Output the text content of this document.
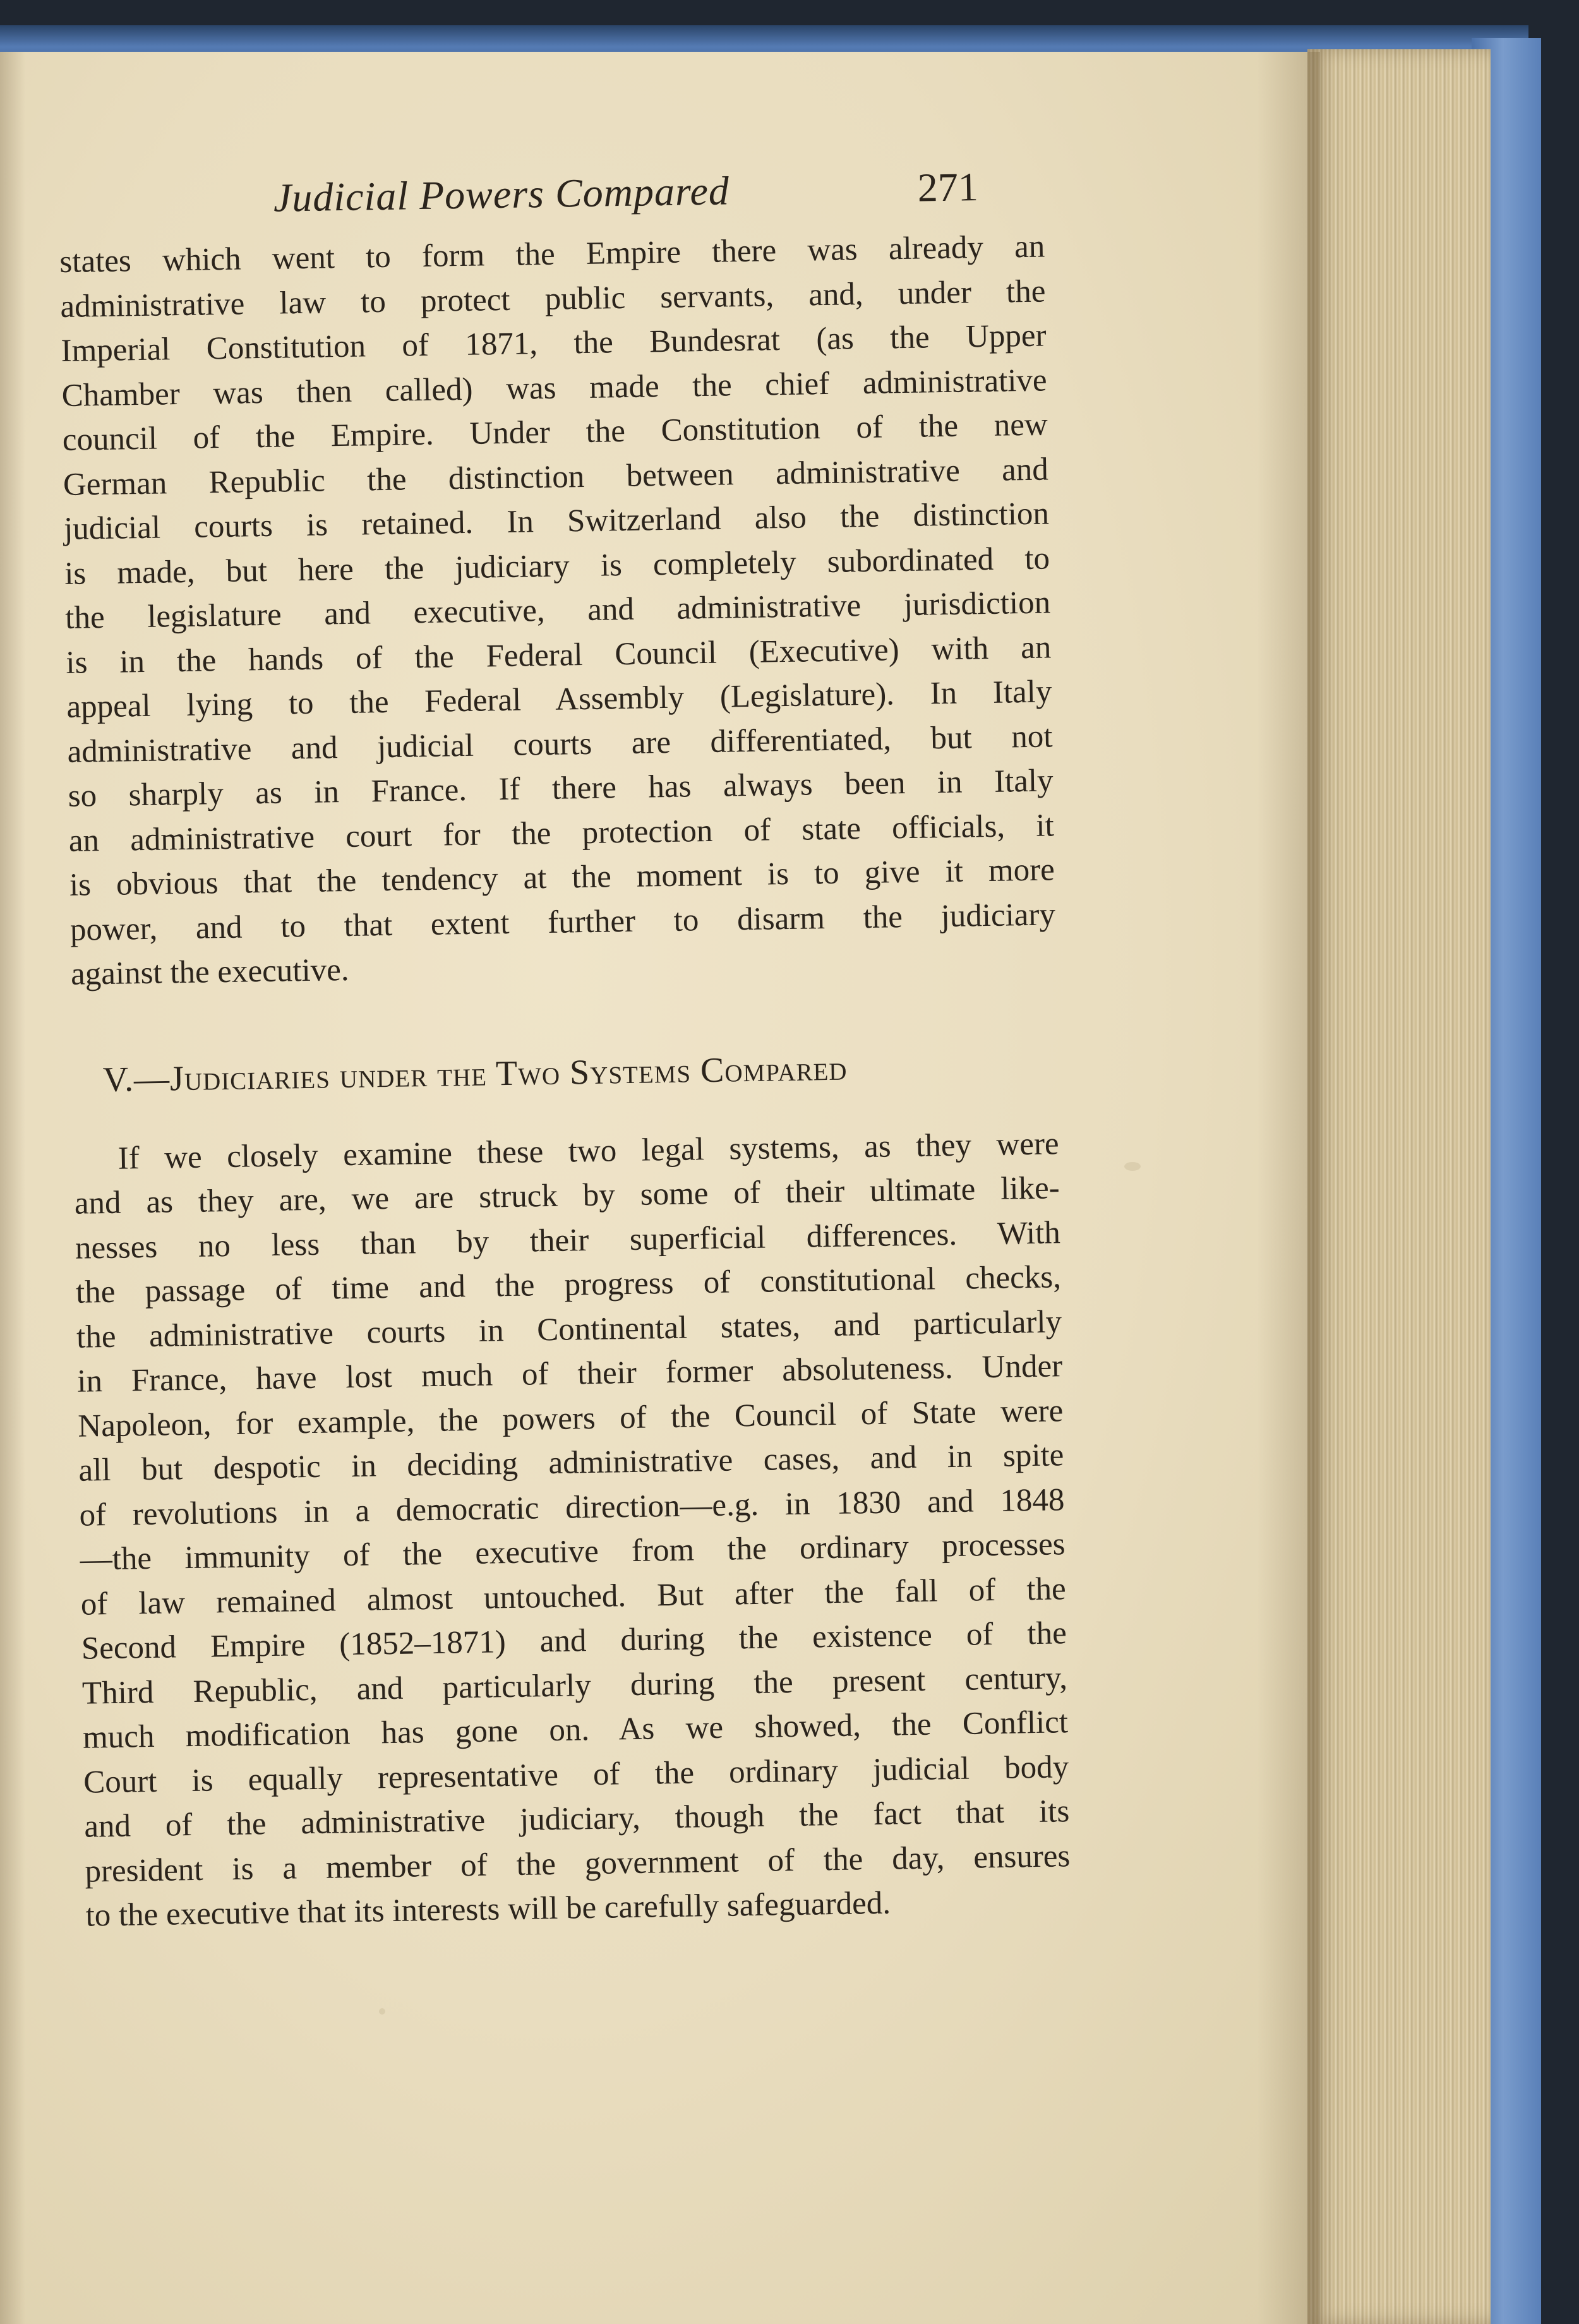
Judicial Powers Compared	271

states which went to form the Empire there was already an
administrative law to protect public servants, and, under the
Imperial Constitution of 1871, the Bundesrat (as the Upper
Chamber was then called) was made the chief administrative
council of the Empire. Under the Constitution of the new
German Republic the distinction between administrative and
judicial courts is retained. In Switzerland also the distinction
is made, but here the judiciary is completely subordinated to
the legislature and executive, and administrative jurisdiction
is in the hands of the Federal Council (Executive) with an
appeal lying to the Federal Assembly (Legislature). In Italy
administrative and judicial courts are differentiated, but not
so sharply as in France. If there has always been in Italy
an administrative court for the protection of state officials, it
is obvious that the tendency at the moment is to give it more
power, and to that extent further to disarm the judiciary
against the executive.

V.—Judiciaries under the Two Systems Compared

If we closely examine these two legal systems, as they were
and as they are, we are struck by some of their ultimate like-
nesses no less than by their superficial differences. With
the passage of time and the progress of constitutional checks,
the administrative courts in Continental states, and particularly
in France, have lost much of their former absoluteness. Under
Napoleon, for example, the powers of the Council of State were
all but despotic in deciding administrative cases, and in spite
of revolutions in a democratic direction—e.g. in 1830 and 1848
—the immunity of the executive from the ordinary processes
of law remained almost untouched. But after the fall of the
Second Empire (1852–1871) and during the existence of the
Third Republic, and particularly during the present century,
much modification has gone on. As we showed, the Conflict
Court is equally representative of the ordinary judicial body
and of the administrative judiciary, though the fact that its
president is a member of the government of the day, ensures
to the executive that its interests will be carefully safeguarded.
